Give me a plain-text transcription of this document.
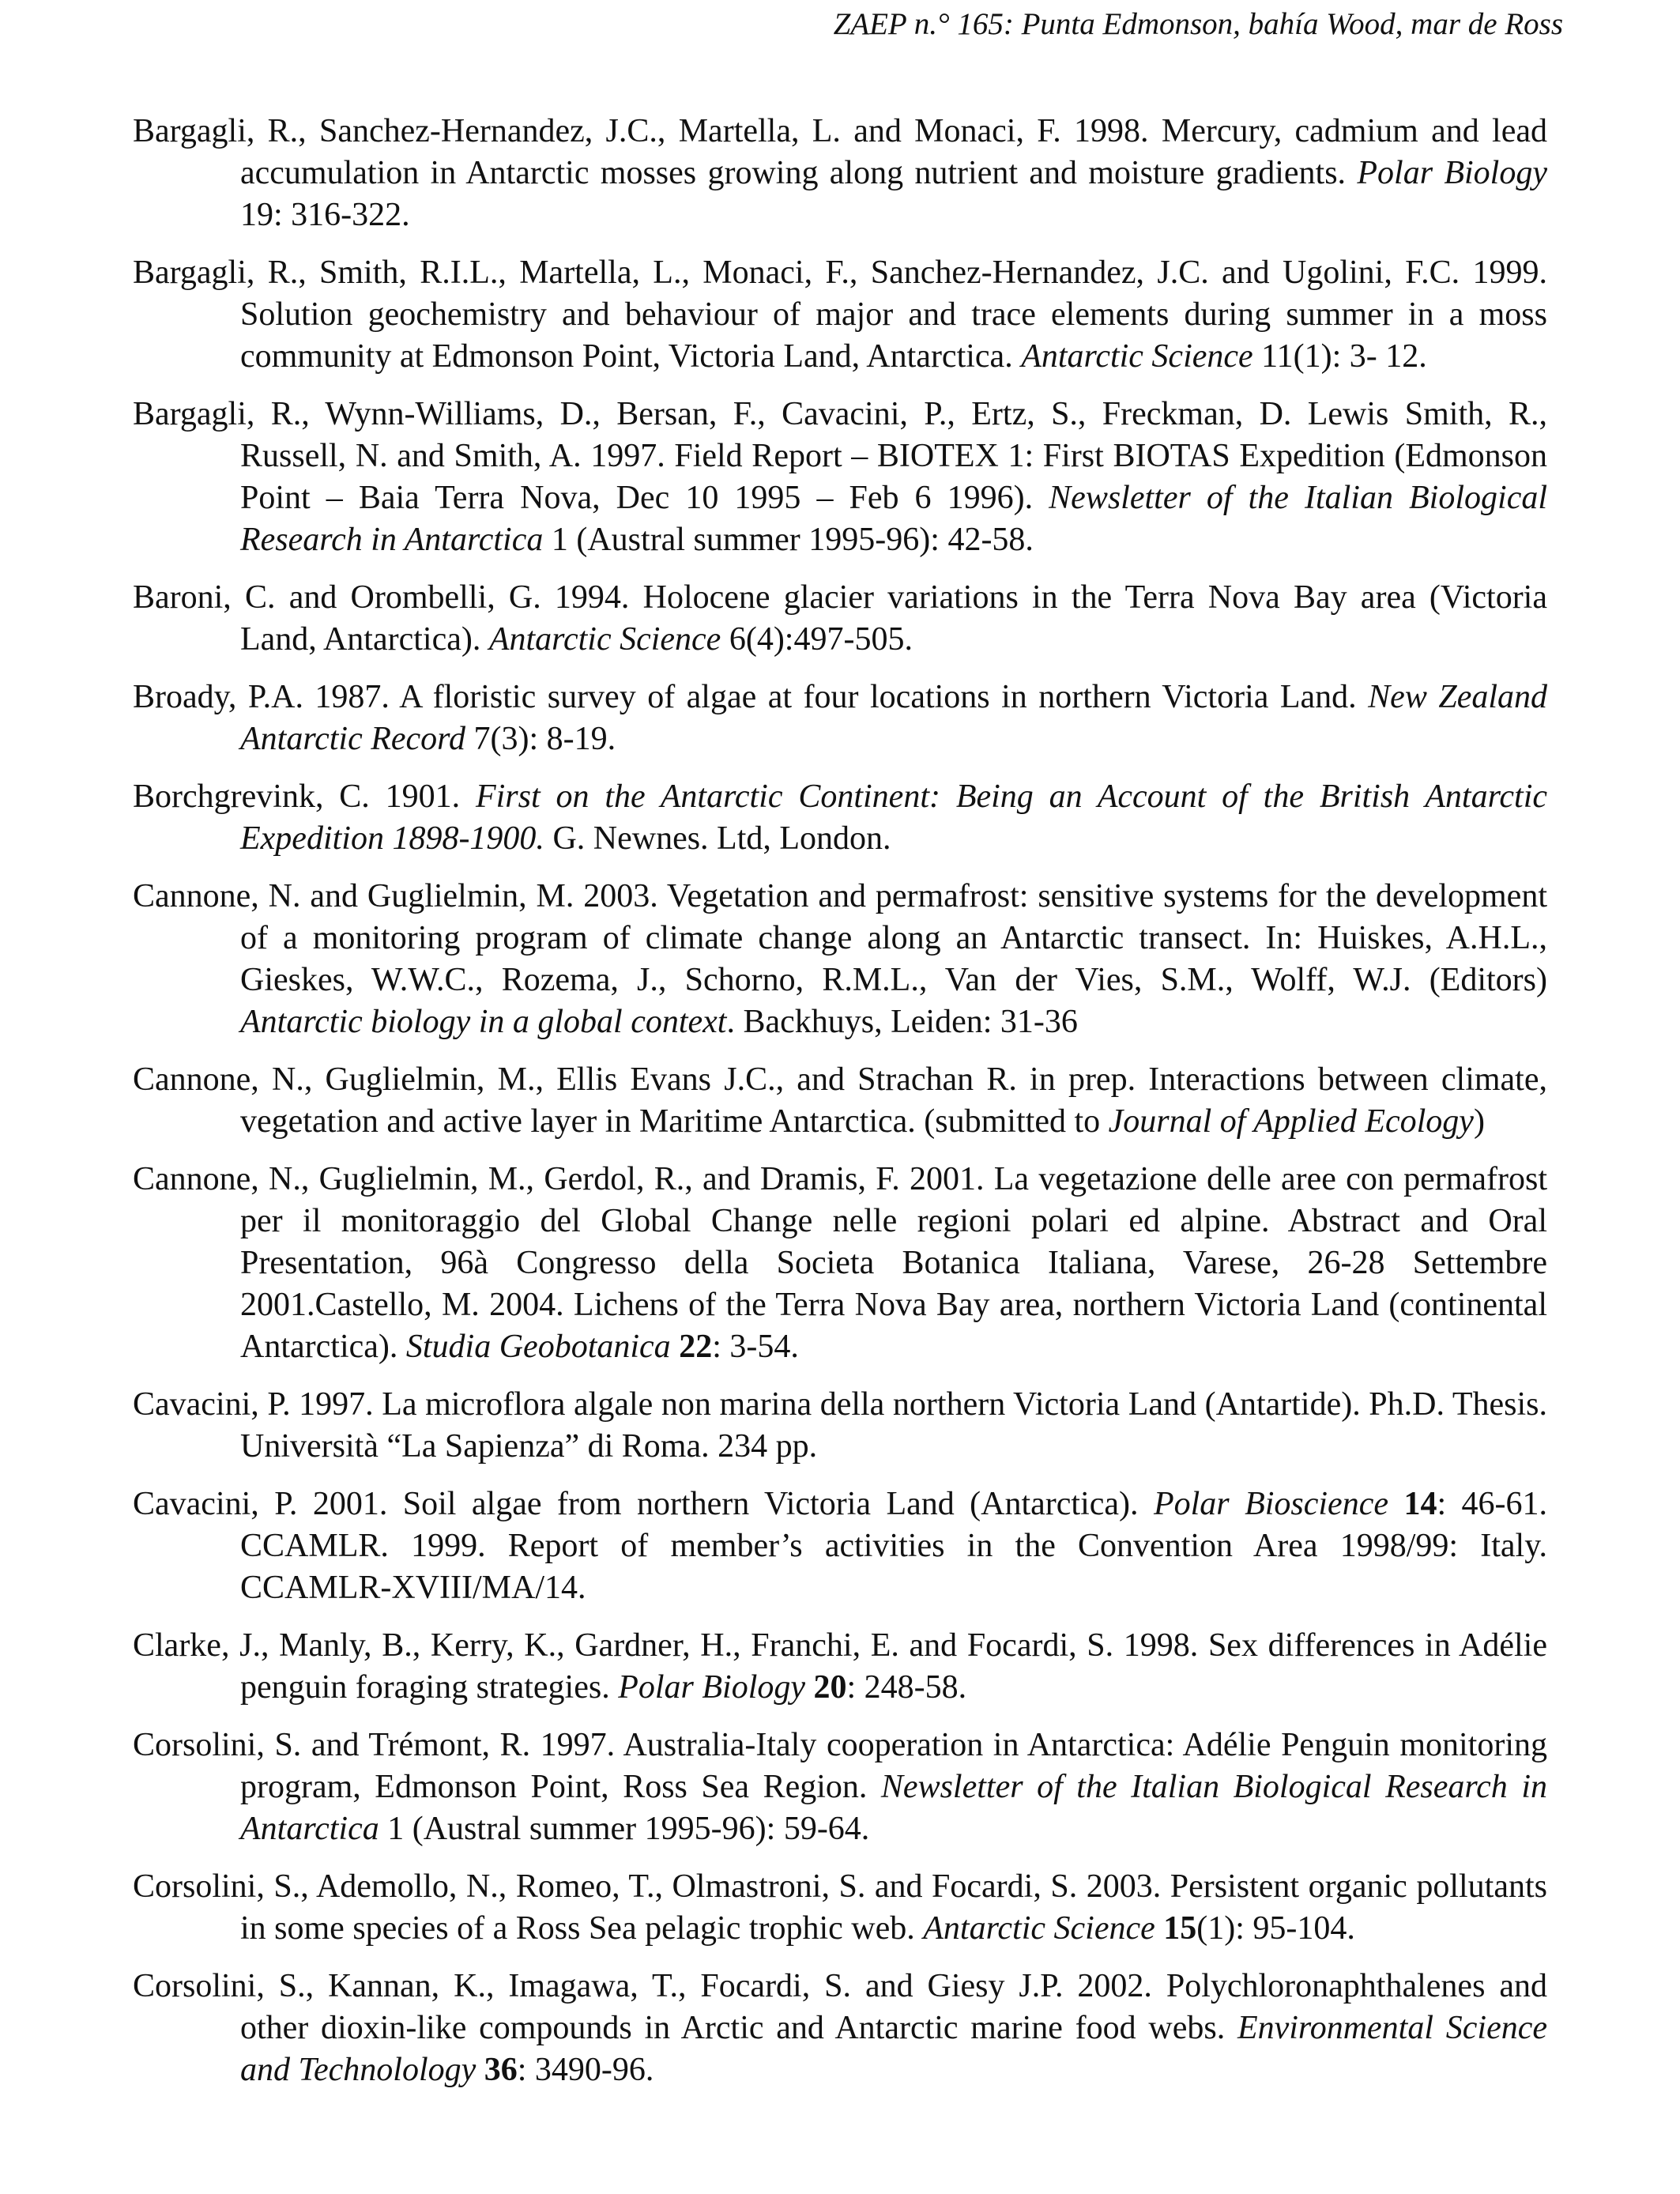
ZAEP n.° 165: Punta Edmonson, bahía Wood, mar de Ross
Bargagli, R., Sanchez-Hernandez, J.C., Martella, L. and Monaci, F. 1998. Mercury, cadmium and lead accumulation in Antarctic mosses growing along nutrient and moisture gradients. Polar Biology 19: 316-322.
Bargagli, R., Smith, R.I.L., Martella, L., Monaci, F., Sanchez-Hernandez, J.C. and Ugolini, F.C. 1999. Solution geochemistry and behaviour of major and trace elements during summer in a moss community at Edmonson Point, Victoria Land, Antarctica. Antarctic Science 11(1): 3- 12.
Bargagli, R., Wynn-Williams, D., Bersan, F., Cavacini, P., Ertz, S., Freckman, D. Lewis Smith, R., Russell, N. and Smith, A. 1997. Field Report – BIOTEX 1: First BIOTAS Expedition (Edmonson Point – Baia Terra Nova, Dec 10 1995 – Feb 6 1996). Newsletter of the Italian Biological Research in Antarctica 1 (Austral summer 1995-96): 42-58.
Baroni, C. and Orombelli, G. 1994. Holocene glacier variations in the Terra Nova Bay area (Victoria Land, Antarctica). Antarctic Science 6(4):497-505.
Broady, P.A. 1987. A floristic survey of algae at four locations in northern Victoria Land. New Zealand Antarctic Record 7(3): 8-19.
Borchgrevink, C. 1901. First on the Antarctic Continent: Being an Account of the British Antarctic Expedition 1898-1900. G. Newnes. Ltd, London.
Cannone, N. and Guglielmin, M. 2003. Vegetation and permafrost: sensitive systems for the development of a monitoring program of climate change along an Antarctic transect. In: Huiskes, A.H.L., Gieskes, W.W.C., Rozema, J., Schorno, R.M.L., Van der Vies, S.M., Wolff, W.J. (Editors) Antarctic biology in a global context. Backhuys, Leiden: 31-36
Cannone, N., Guglielmin, M., Ellis Evans J.C., and Strachan R. in prep. Interactions between climate, vegetation and active layer in Maritime Antarctica. (submitted to Journal of Applied Ecology)
Cannone, N., Guglielmin, M., Gerdol, R., and Dramis, F. 2001. La vegetazione delle aree con permafrost per il monitoraggio del Global Change nelle regioni polari ed alpine. Abstract and Oral Presentation, 96à Congresso della Societa Botanica Italiana, Varese, 26-28 Settembre 2001.Castello, M. 2004. Lichens of the Terra Nova Bay area, northern Victoria Land (continental Antarctica). Studia Geobotanica 22: 3-54.
Cavacini, P. 1997. La microflora algale non marina della northern Victoria Land (Antartide). Ph.D. Thesis. Università “La Sapienza” di Roma. 234 pp.
Cavacini, P. 2001. Soil algae from northern Victoria Land (Antarctica). Polar Bioscience 14: 46-61. CCAMLR. 1999. Report of member’s activities in the Convention Area 1998/99: Italy. CCAMLR-XVIII/MA/14.
Clarke, J., Manly, B., Kerry, K., Gardner, H., Franchi, E. and Focardi, S. 1998. Sex differences in Adélie penguin foraging strategies. Polar Biology 20: 248-58.
Corsolini, S. and Trémont, R. 1997. Australia-Italy cooperation in Antarctica: Adélie Penguin monitoring program, Edmonson Point, Ross Sea Region. Newsletter of the Italian Biological Research in Antarctica 1 (Austral summer 1995-96): 59-64.
Corsolini, S., Ademollo, N., Romeo, T., Olmastroni, S. and Focardi, S. 2003. Persistent organic pollutants in some species of a Ross Sea pelagic trophic web. Antarctic Science 15(1): 95-104.
Corsolini, S., Kannan, K., Imagawa, T., Focardi, S. and Giesy J.P. 2002. Polychloronaphthalenes and other dioxin-like compounds in Arctic and Antarctic marine food webs. Environmental Science and Technolology 36: 3490-96.
